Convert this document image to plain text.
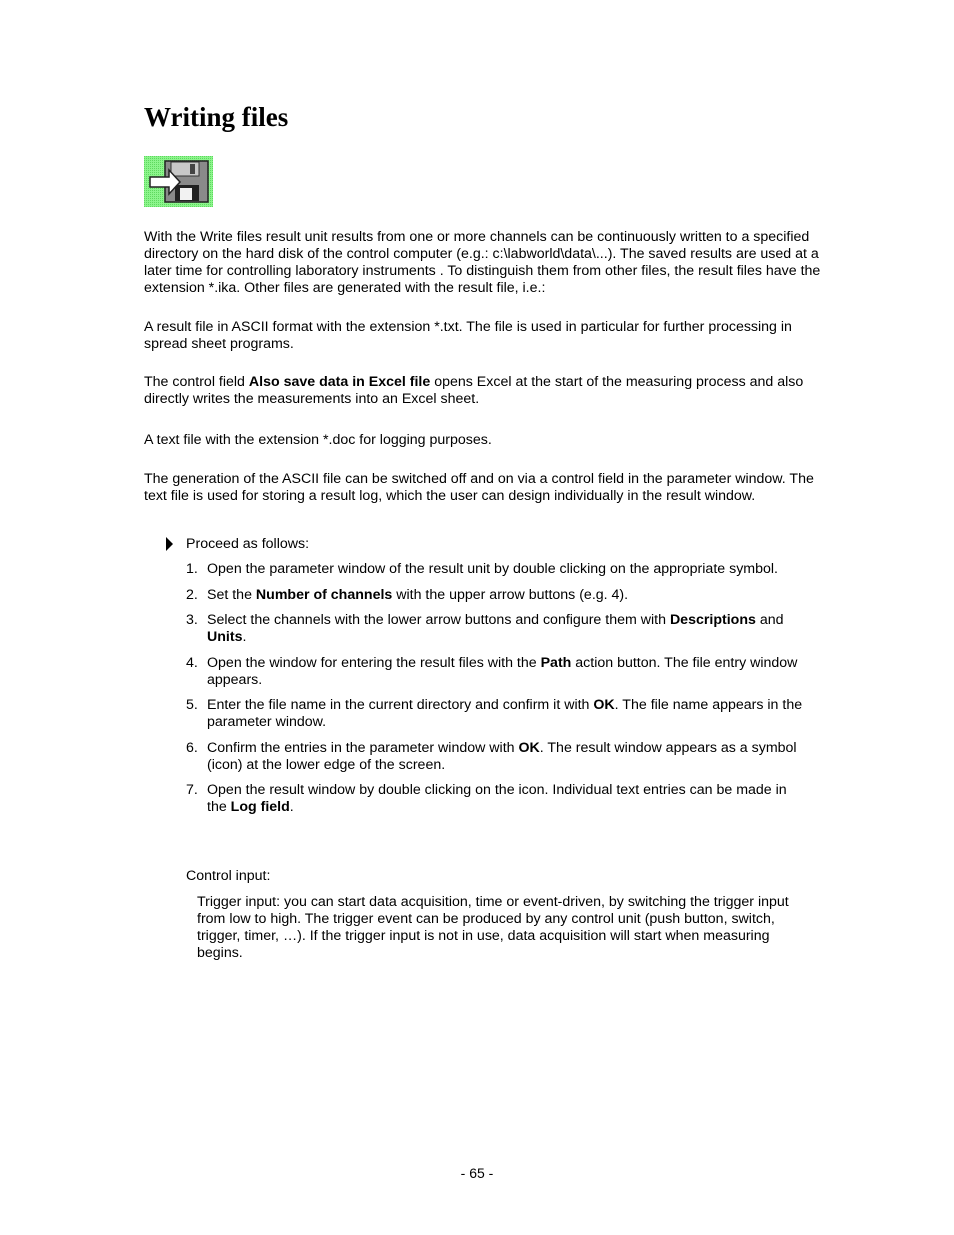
Writing files

With the Write files result unit results from one or more channels can be continuously written to a specified directory on the hard disk of the control computer (e.g.: c:\labworld\data\...). The saved results are used at a later time for controlling laboratory instruments . To distinguish them from other files, the result files have the extension *.ika. Other files are generated with the result file, i.e.:

A result file in ASCII format with the extension *.txt. The file is used in particular for further processing in spread sheet programs.

The control field Also save data in Excel file opens Excel at the start of the measuring process and also directly writes the measurements into an Excel sheet.

A text file with the extension *.doc for logging purposes.

The generation of the ASCII file can be switched off and on via a control field in the parameter window. The text file is used for storing a result log, which the user can design individually in the result window.

Proceed as follows:
1. Open the parameter window of the result unit by double clicking on the appropriate symbol.
2. Set the Number of channels with the upper arrow buttons (e.g. 4).
3. Select the channels with the lower arrow buttons and configure them with Descriptions and Units.
4. Open the window for entering the result files with the Path action button. The file entry window appears.
5. Enter the file name in the current directory and confirm it with OK. The file name appears in the parameter window.
6. Confirm the entries in the parameter window with OK. The result window appears as a symbol (icon) at the lower edge of the screen.
7. Open the result window by double clicking on the icon. Individual text entries can be made in the Log field.
Control input:
Trigger input: you can start data acquisition, time or event-driven, by switching the trigger input from low to high. The trigger event can be produced by any control unit (push button, switch, trigger, timer, …). If the trigger input is not in use, data acquisition will start when measuring begins.
- 65 -
